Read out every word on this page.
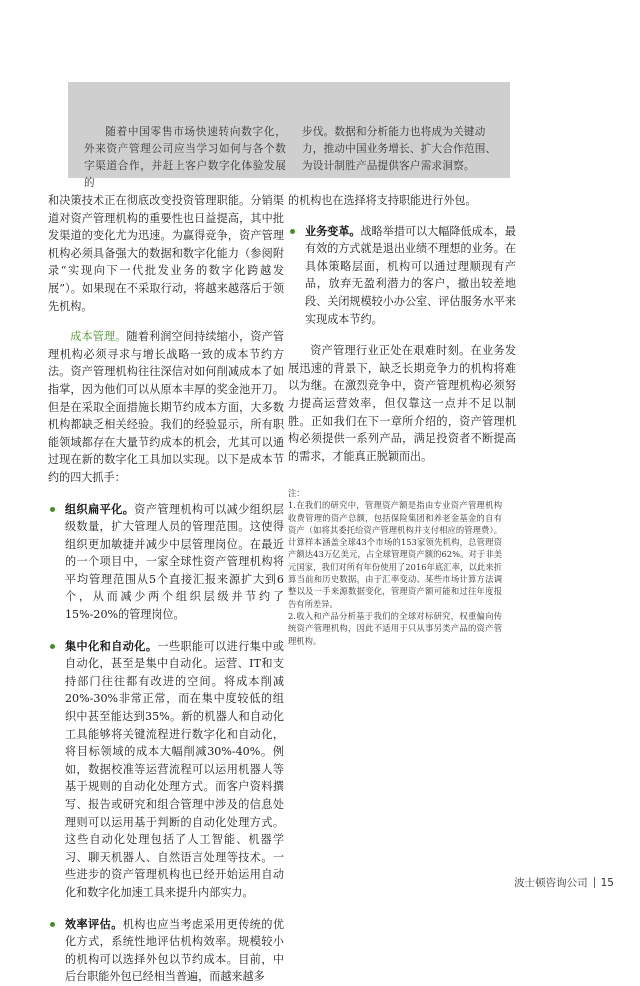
随着中国零售市场快速转向数字化，外来资产管理公司应当学习如何与各个数字渠道合作，并赶上客户数字化体验发展的

步伐。数据和分析能力也将成为关键动力，推动中国业务增长、扩大合作范围、为设计制胜产品提供客户需求洞察。

和决策技术正在彻底改变投资管理职能。分销渠道对资产管理机构的重要性也日益提高，其中批发渠道的变化尤为迅速。为赢得竞争，资产管理机构必须具备强大的数据和数字化能力（参阅附录“实现向下一代批发业务的数字化跨越发展”）。如果现在不采取行动，将越来越落后于领先机构。

成本管理。随着利润空间持续缩小，资产管理机构必须寻求与增长战略一致的成本节约方法。资产管理机构往往深信对如何削减成本了如指掌，因为他们可以从原本丰厚的奖金池开刀。但是在采取全面措施长期节约成本方面，大多数机构都缺乏相关经验。我们的经验显示，所有职能领域都存在大量节约成本的机会，尤其可以通过现在新的数字化工具加以实现。以下是成本节约的四大抓手：

组织扁平化。资产管理机构可以减少组织层级数量，扩大管理人员的管理范围。这使得组织更加敏捷并减少中层管理岗位。在最近的一个项目中，一家全球性资产管理机构将平均管理范围从5个直接汇报来源扩大到6个，从而减少两个组织层级并节约了15%-20%的管理岗位。
集中化和自动化。一些职能可以进行集中或自动化，甚至是集中自动化。运营、IT和支持部门往往都有改进的空间。将成本削减20%-30%非常正常，而在集中度较低的组织中甚至能达到35%。新的机器人和自动化工具能够将关键流程进行数字化和自动化，将目标领域的成本大幅削减30%-40%。例如，数据校准等运营流程可以运用机器人等基于规则的自动化处理方式。而客户资料撰写、报告或研究和组合管理中涉及的信息处理则可以运用基于判断的自动化处理方式。这些自动化处理包括了人工智能、机器学习、聊天机器人、自然语言处理等技术。一些进步的资产管理机构也已经开始运用自动化和数字化加速工具来提升内部实力。
效率评估。机构也应当考虑采用更传统的优化方式，系统性地评估机构效率。规模较小的机构可以选择外包以节约成本。目前，中后台职能外包已经相当普遍，而越来越多

的机构也在选择将支持职能进行外包。

业务变革。战略举措可以大幅降低成本，最有效的方式就是退出业绩不理想的业务。在具体策略层面，机构可以通过理顺现有产品，放弃无盈利潜力的客户，撤出较差地段、关闭规模较小办公室、评估服务水平来实现成本节约。

资产管理行业正处在艰难时刻。在业务发展迅速的背景下，缺乏长期竞争力的机构将难以为继。在激烈竞争中，资产管理机构必须努力提高运营效率，但仅靠这一点并不足以制胜。正如我们在下一章所介绍的，资产管理机构必须提供一系列产品，满足投资者不断提高的需求，才能真正脱颖而出。

注：

1.在我们的研究中，管理资产额是指由专业资产管理机构收费管理的资产总额，包括保险集团和养老金基金的自有资产（如将其委托给资产管理机构并支付相应的管理费）。计算样本涵盖全球43个市场的153家领先机构，总管理资产额达43万亿美元，占全球管理资产额的62%。对于非美元国家，我们对所有年份使用了2016年底汇率，以此来折算当前和历史数据，由于汇率变动、某些市场计算方法调整以及一手来源数据变化，管理资产额可能和过往年度报告有所差异。

2.收入和产品分析基于我们的全球对标研究，权重偏向传统资产管理机构，因此不适用于只从事另类产品的资产管理机构。

波士顿咨询公司 15
